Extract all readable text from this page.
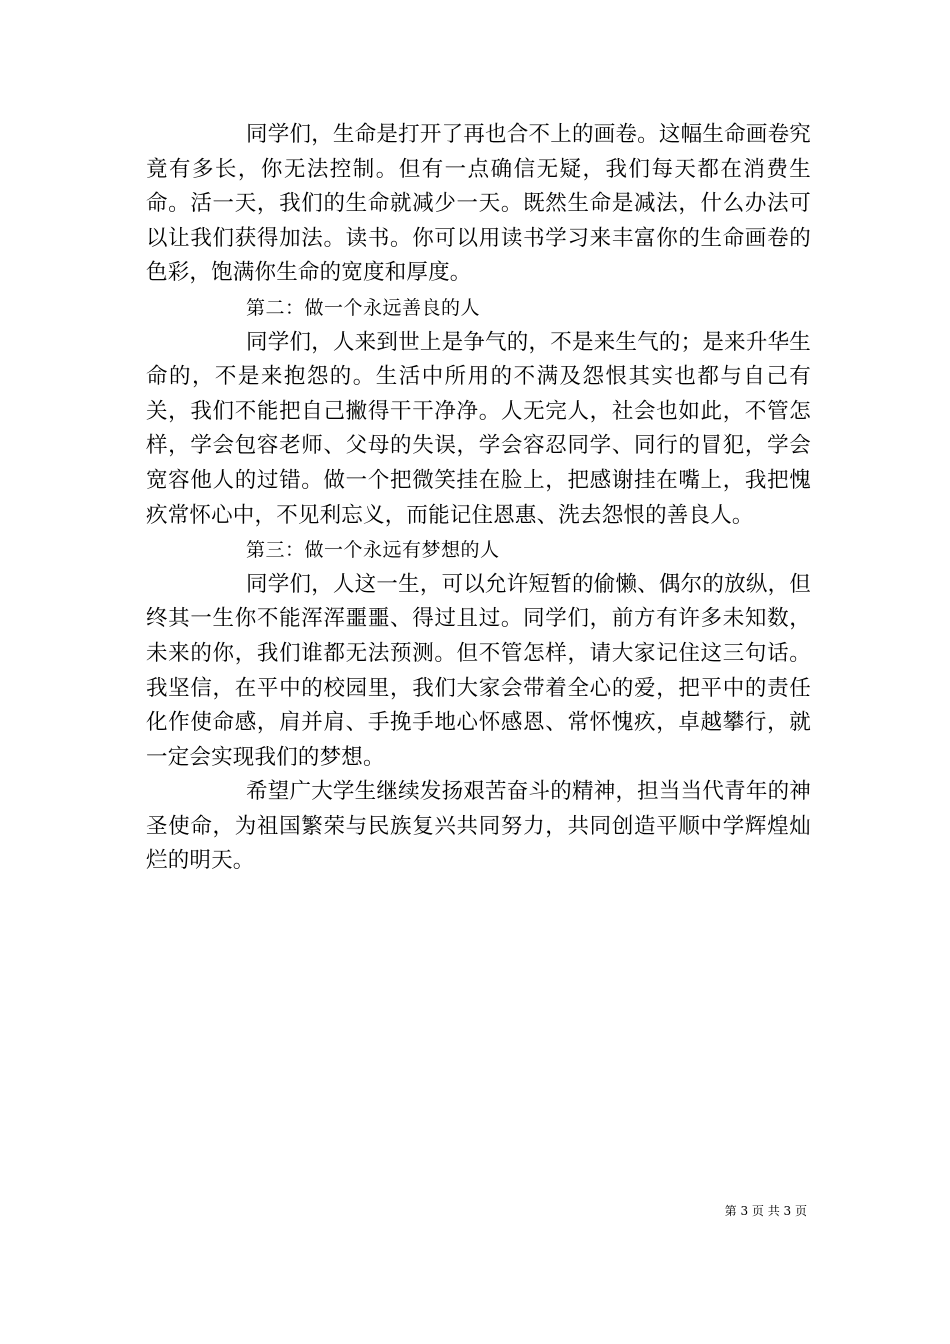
同学们，生命是打开了再也合不上的画卷。这幅生命画卷究竟有多长，你无法控制。但有一点确信无疑，我们每天都在消费生命。活一天，我们的生命就减少一天。既然生命是减法，什么办法可以让我们获得加法。读书。你可以用读书学习来丰富你的生命画卷的色彩，饱满你生命的宽度和厚度。

第二：做一个永远善良的人

同学们，人来到世上是争气的，不是来生气的；是来升华生命的，不是来抱怨的。生活中所用的不满及怨恨其实也都与自己有关，我们不能把自己撇得干干净净。人无完人，社会也如此，不管怎样，学会包容老师、父母的失误，学会容忍同学、同行的冒犯，学会宽容他人的过错。做一个把微笑挂在脸上，把感谢挂在嘴上，我把愧疚常怀心中，不见利忘义，而能记住恩惠、洗去怨恨的善良人。

第三：做一个永远有梦想的人

同学们，人这一生，可以允许短暂的偷懒、偶尔的放纵，但终其一生你不能浑浑噩噩、得过且过。同学们，前方有许多未知数，未来的你，我们谁都无法预测。但不管怎样，请大家记住这三句话。我坚信，在平中的校园里，我们大家会带着全心的爱，把平中的责任化作使命感，肩并肩、手挽手地心怀感恩、常怀愧疚，卓越攀行，就一定会实现我们的梦想。

希望广大学生继续发扬艰苦奋斗的精神，担当当代青年的神圣使命，为祖国繁荣与民族复兴共同努力，共同创造平顺中学辉煌灿烂的明天。

第 3 页 共 3 页
